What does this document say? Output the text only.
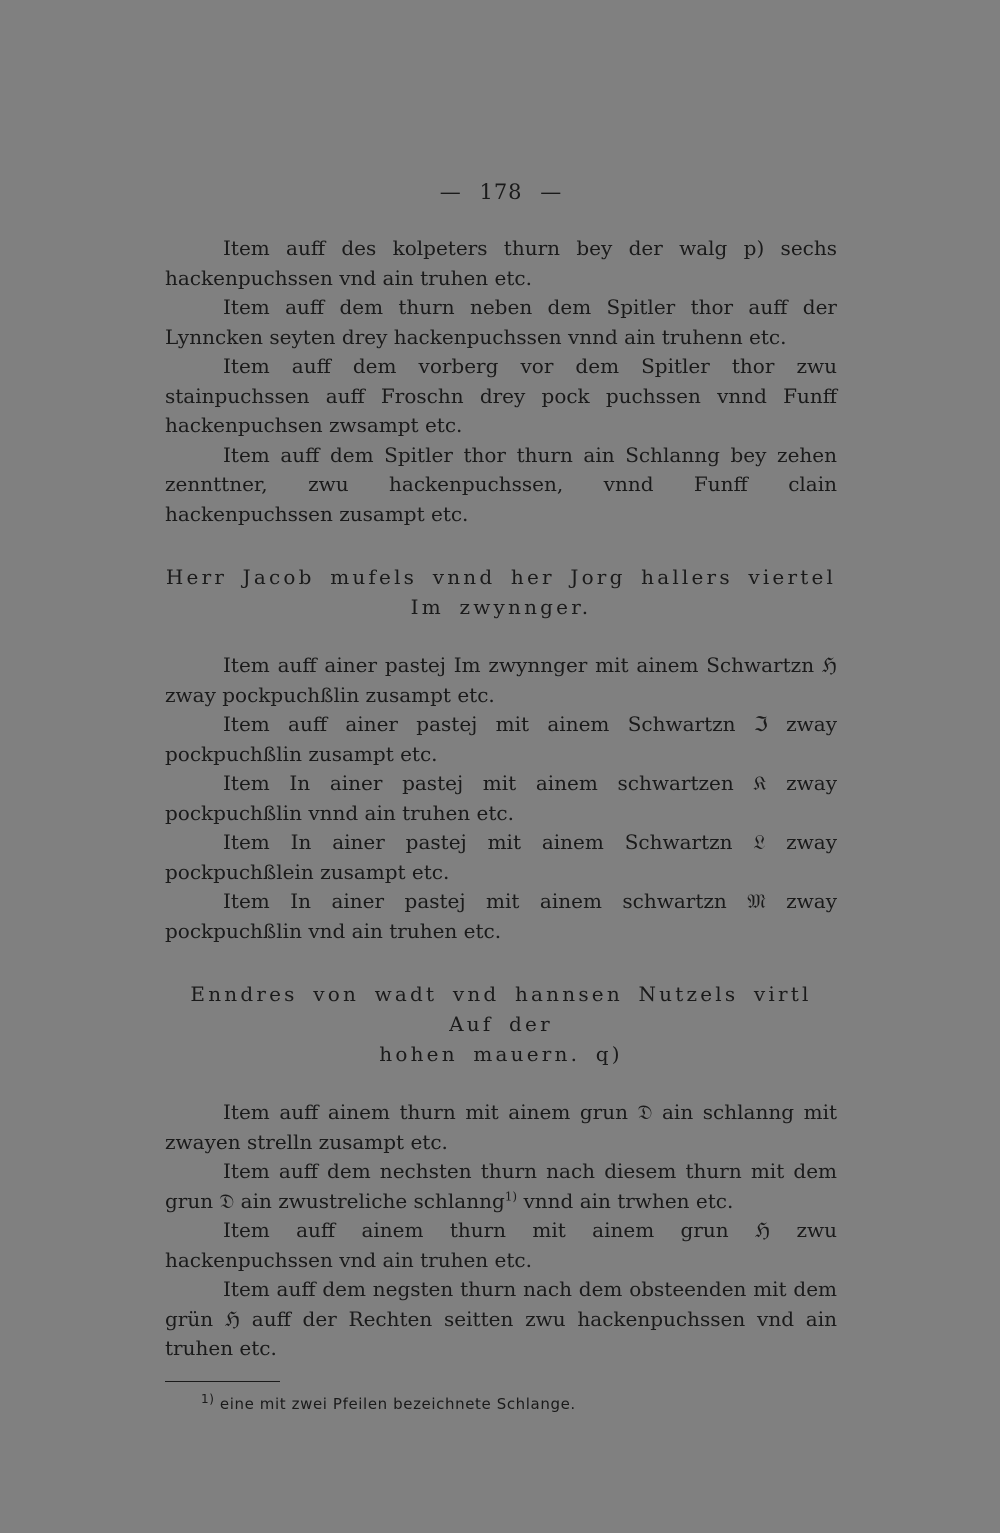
— 178 —

Item auff des kolpeters thurn bey der walg p) sechs hackenpuchssen vnd ain truhen etc.

Item auff dem thurn neben dem Spitler thor auff der Lynncken seyten drey hackenpuchssen vnnd ain truhenn etc.

Item auff dem vorberg vor dem Spitler thor zwu stainpuchssen auff Froschn drey pock puchssen vnnd Funff hackenpuchsen zwsampt etc.

Item auff dem Spitler thor thurn ain Schlanng bey zehen zennttner, zwu hackenpuchssen, vnnd Funff clain hackenpuchssen zusampt etc.

Herr Jacob mufels vnnd her Jorg hallers viertel
Im zwynnger.

Item auff ainer pastej Im zwynnger mit ainem Schwartzn ℌ zway pockpuchßlin zusampt etc.

Item auff ainer pastej mit ainem Schwartzn ℑ zway pockpuchßlin zusampt etc.

Item In ainer pastej mit ainem schwartzen 𝔎 zway pockpuchßlin vnnd ain truhen etc.

Item In ainer pastej mit ainem Schwartzn 𝔏 zway pockpuchßlein zusampt etc.

Item In ainer pastej mit ainem schwartzn 𝔐 zway pockpuchßlin vnd ain truhen etc.

Enndres von wadt vnd hannsen Nutzels virtl Auf der
hohen mauern. q)

Item auff ainem thurn mit ainem grun 𝔇 ain schlanng mit zwayen strelln zusampt etc.

Item auff dem nechsten thurn nach diesem thurn mit dem grun 𝔇 ain zwustreliche schlanng$^{1)}$ vnnd ain trwhen etc.

Item auff ainem thurn mit ainem grun ℌ zwu hackenpuchssen vnd ain truhen etc.

Item auff dem negsten thurn nach dem obsteenden mit dem grün ℌ auff der Rechten seitten zwu hackenpuchssen vnd ain truhen etc.

$^{1)}$ eine mit zwei Pfeilen bezeichnete Schlange.
